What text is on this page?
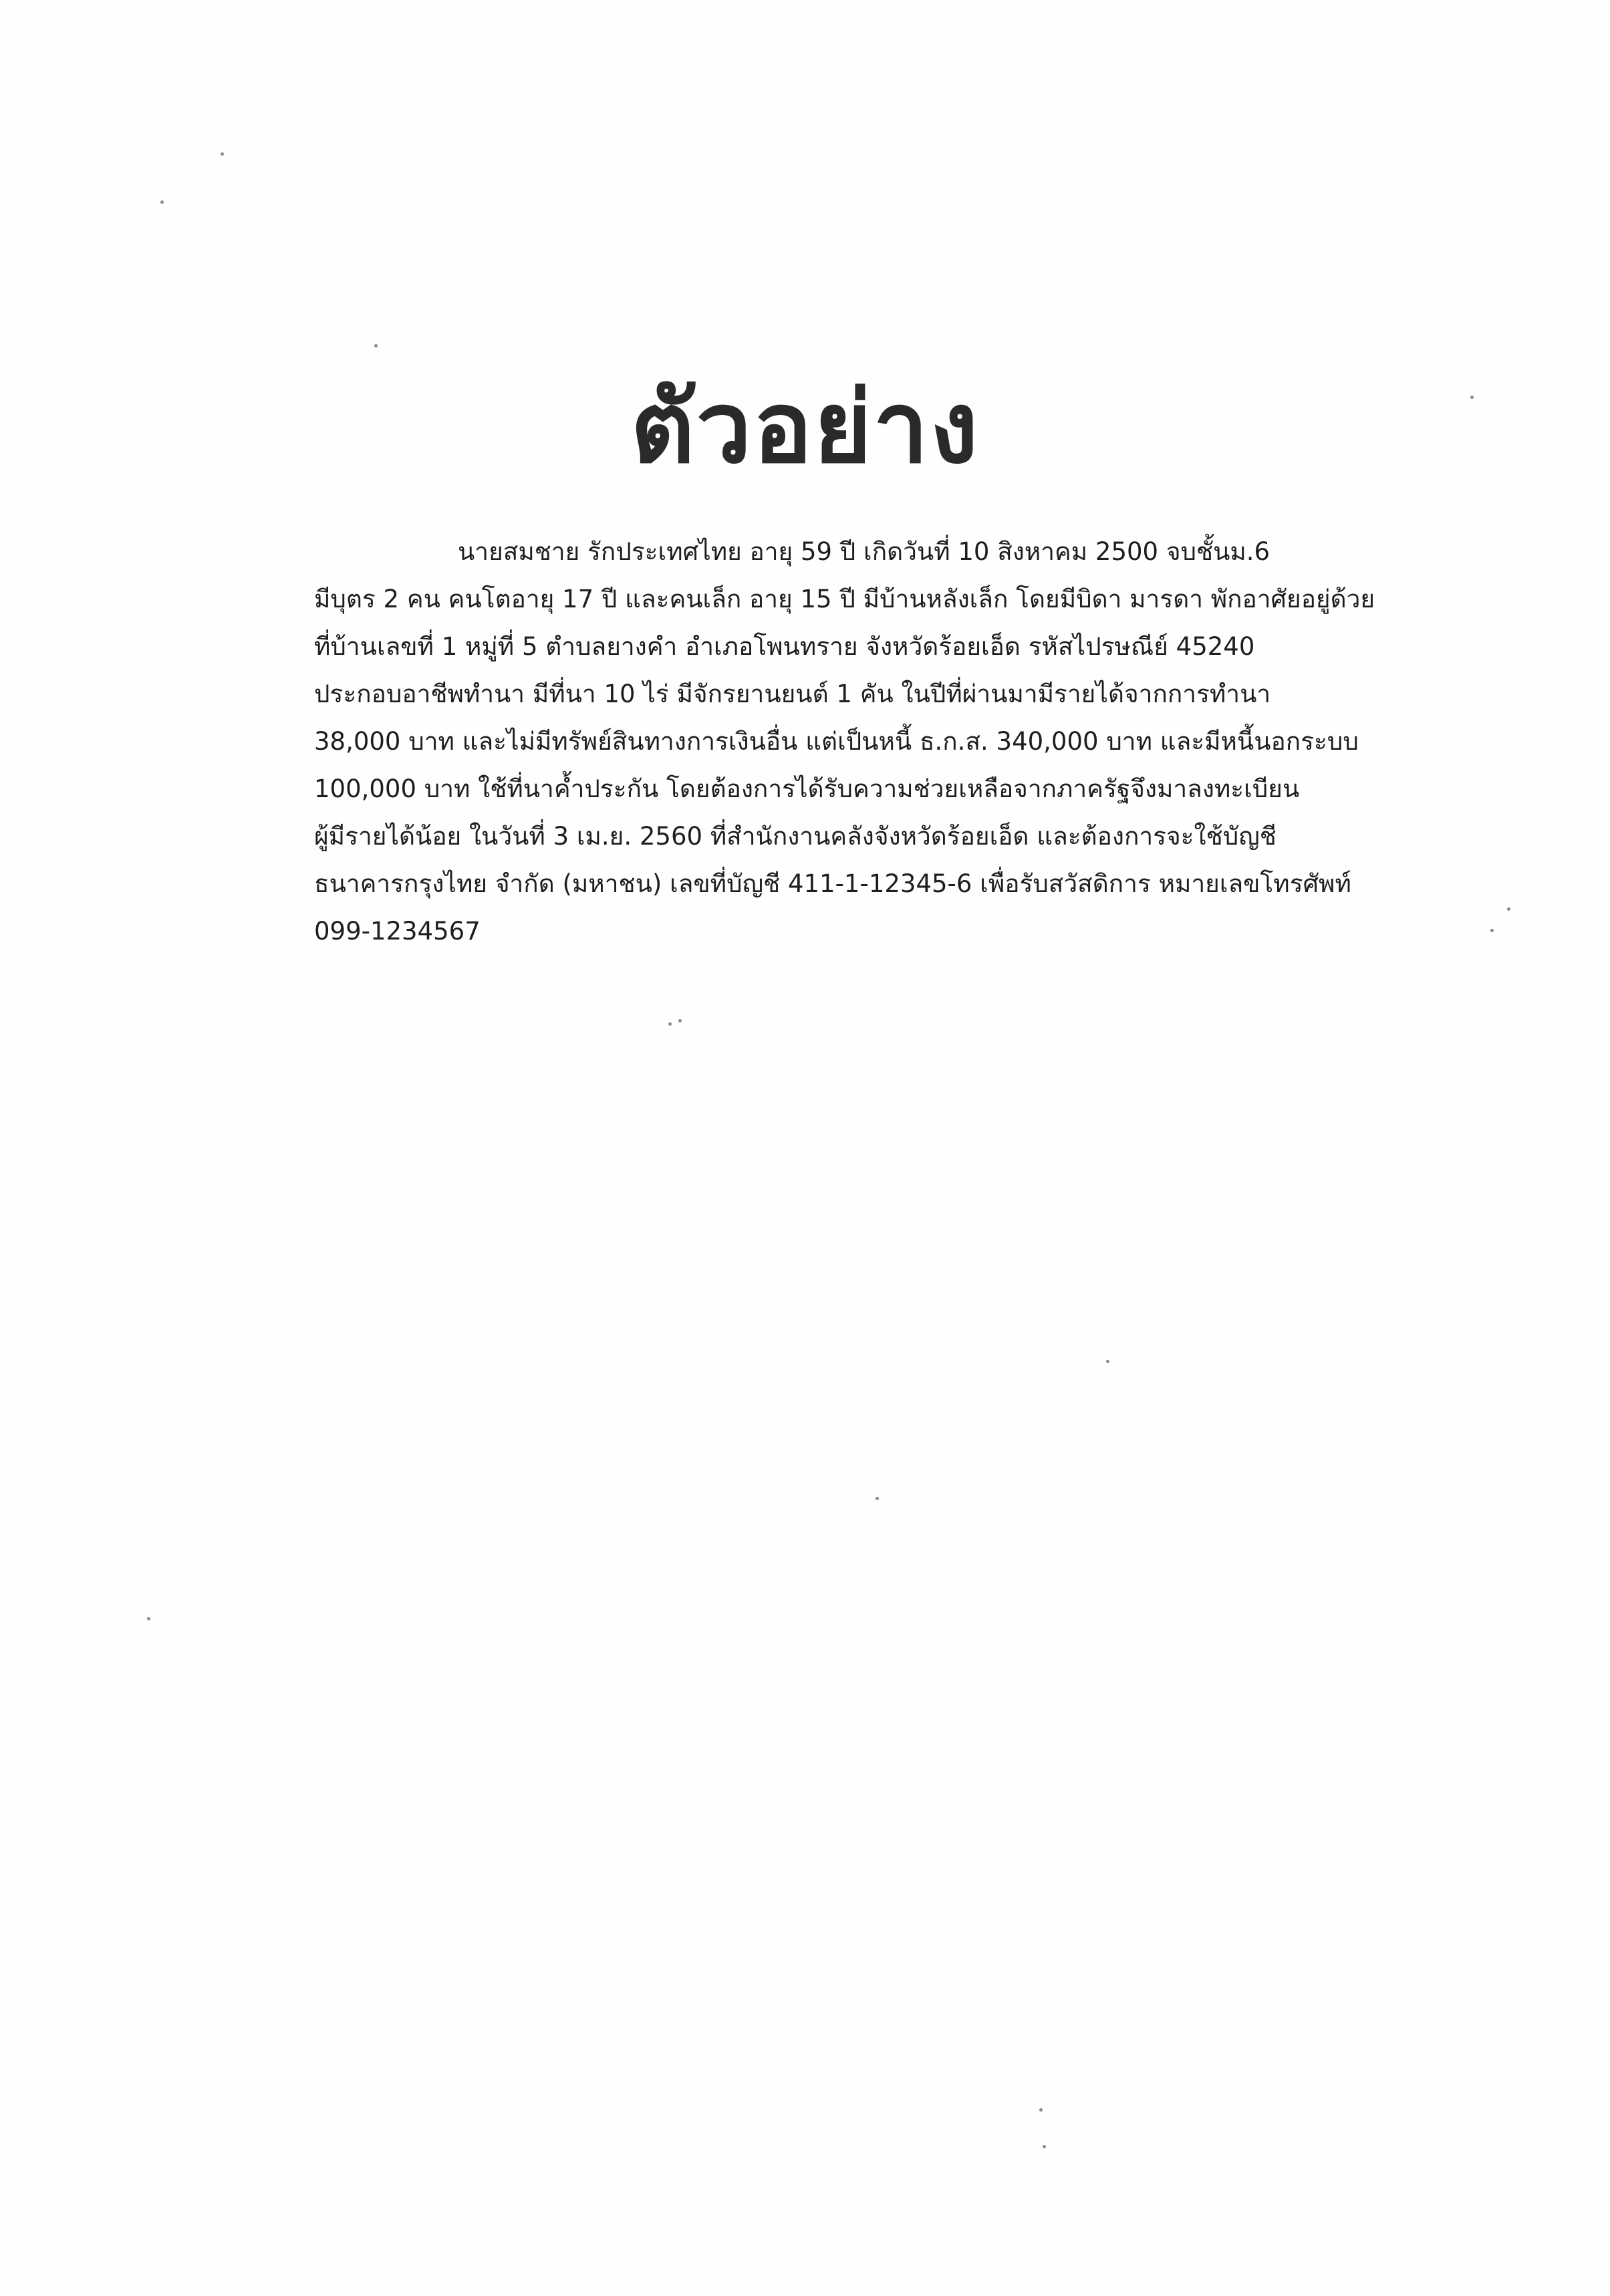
ตัวอย่าง
นายสมชาย รักประเทศไทย อายุ 59 ปี เกิดวันที่ 10 สิงหาคม 2500 จบชั้นม.6
มีบุตร 2 คน คนโตอายุ 17 ปี และคนเล็ก อายุ 15 ปี มีบ้านหลังเล็ก โดยมีบิดา มารดา พักอาศัยอยู่ด้วย
ที่บ้านเลขที่ 1 หมู่ที่ 5 ตำบลยางคำ อำเภอโพนทราย จังหวัดร้อยเอ็ด รหัสไปรษณีย์ 45240
ประกอบอาชีพทำนา มีที่นา 10 ไร่ มีจักรยานยนต์ 1 คัน ในปีที่ผ่านมามีรายได้จากการทำนา
38,000 บาท และไม่มีทรัพย์สินทางการเงินอื่น แต่เป็นหนี้ ธ.ก.ส. 340,000 บาท และมีหนี้นอกระบบ
100,000 บาท ใช้ที่นาค้ำประกัน โดยต้องการได้รับความช่วยเหลือจากภาครัฐจึงมาลงทะเบียน
ผู้มีรายได้น้อย ในวันที่ 3 เม.ย. 2560 ที่สำนักงานคลังจังหวัดร้อยเอ็ด และต้องการจะใช้บัญชี
ธนาคารกรุงไทย จำกัด (มหาชน) เลขที่บัญชี 411-1-12345-6 เพื่อรับสวัสดิการ หมายเลขโทรศัพท์
099-1234567
